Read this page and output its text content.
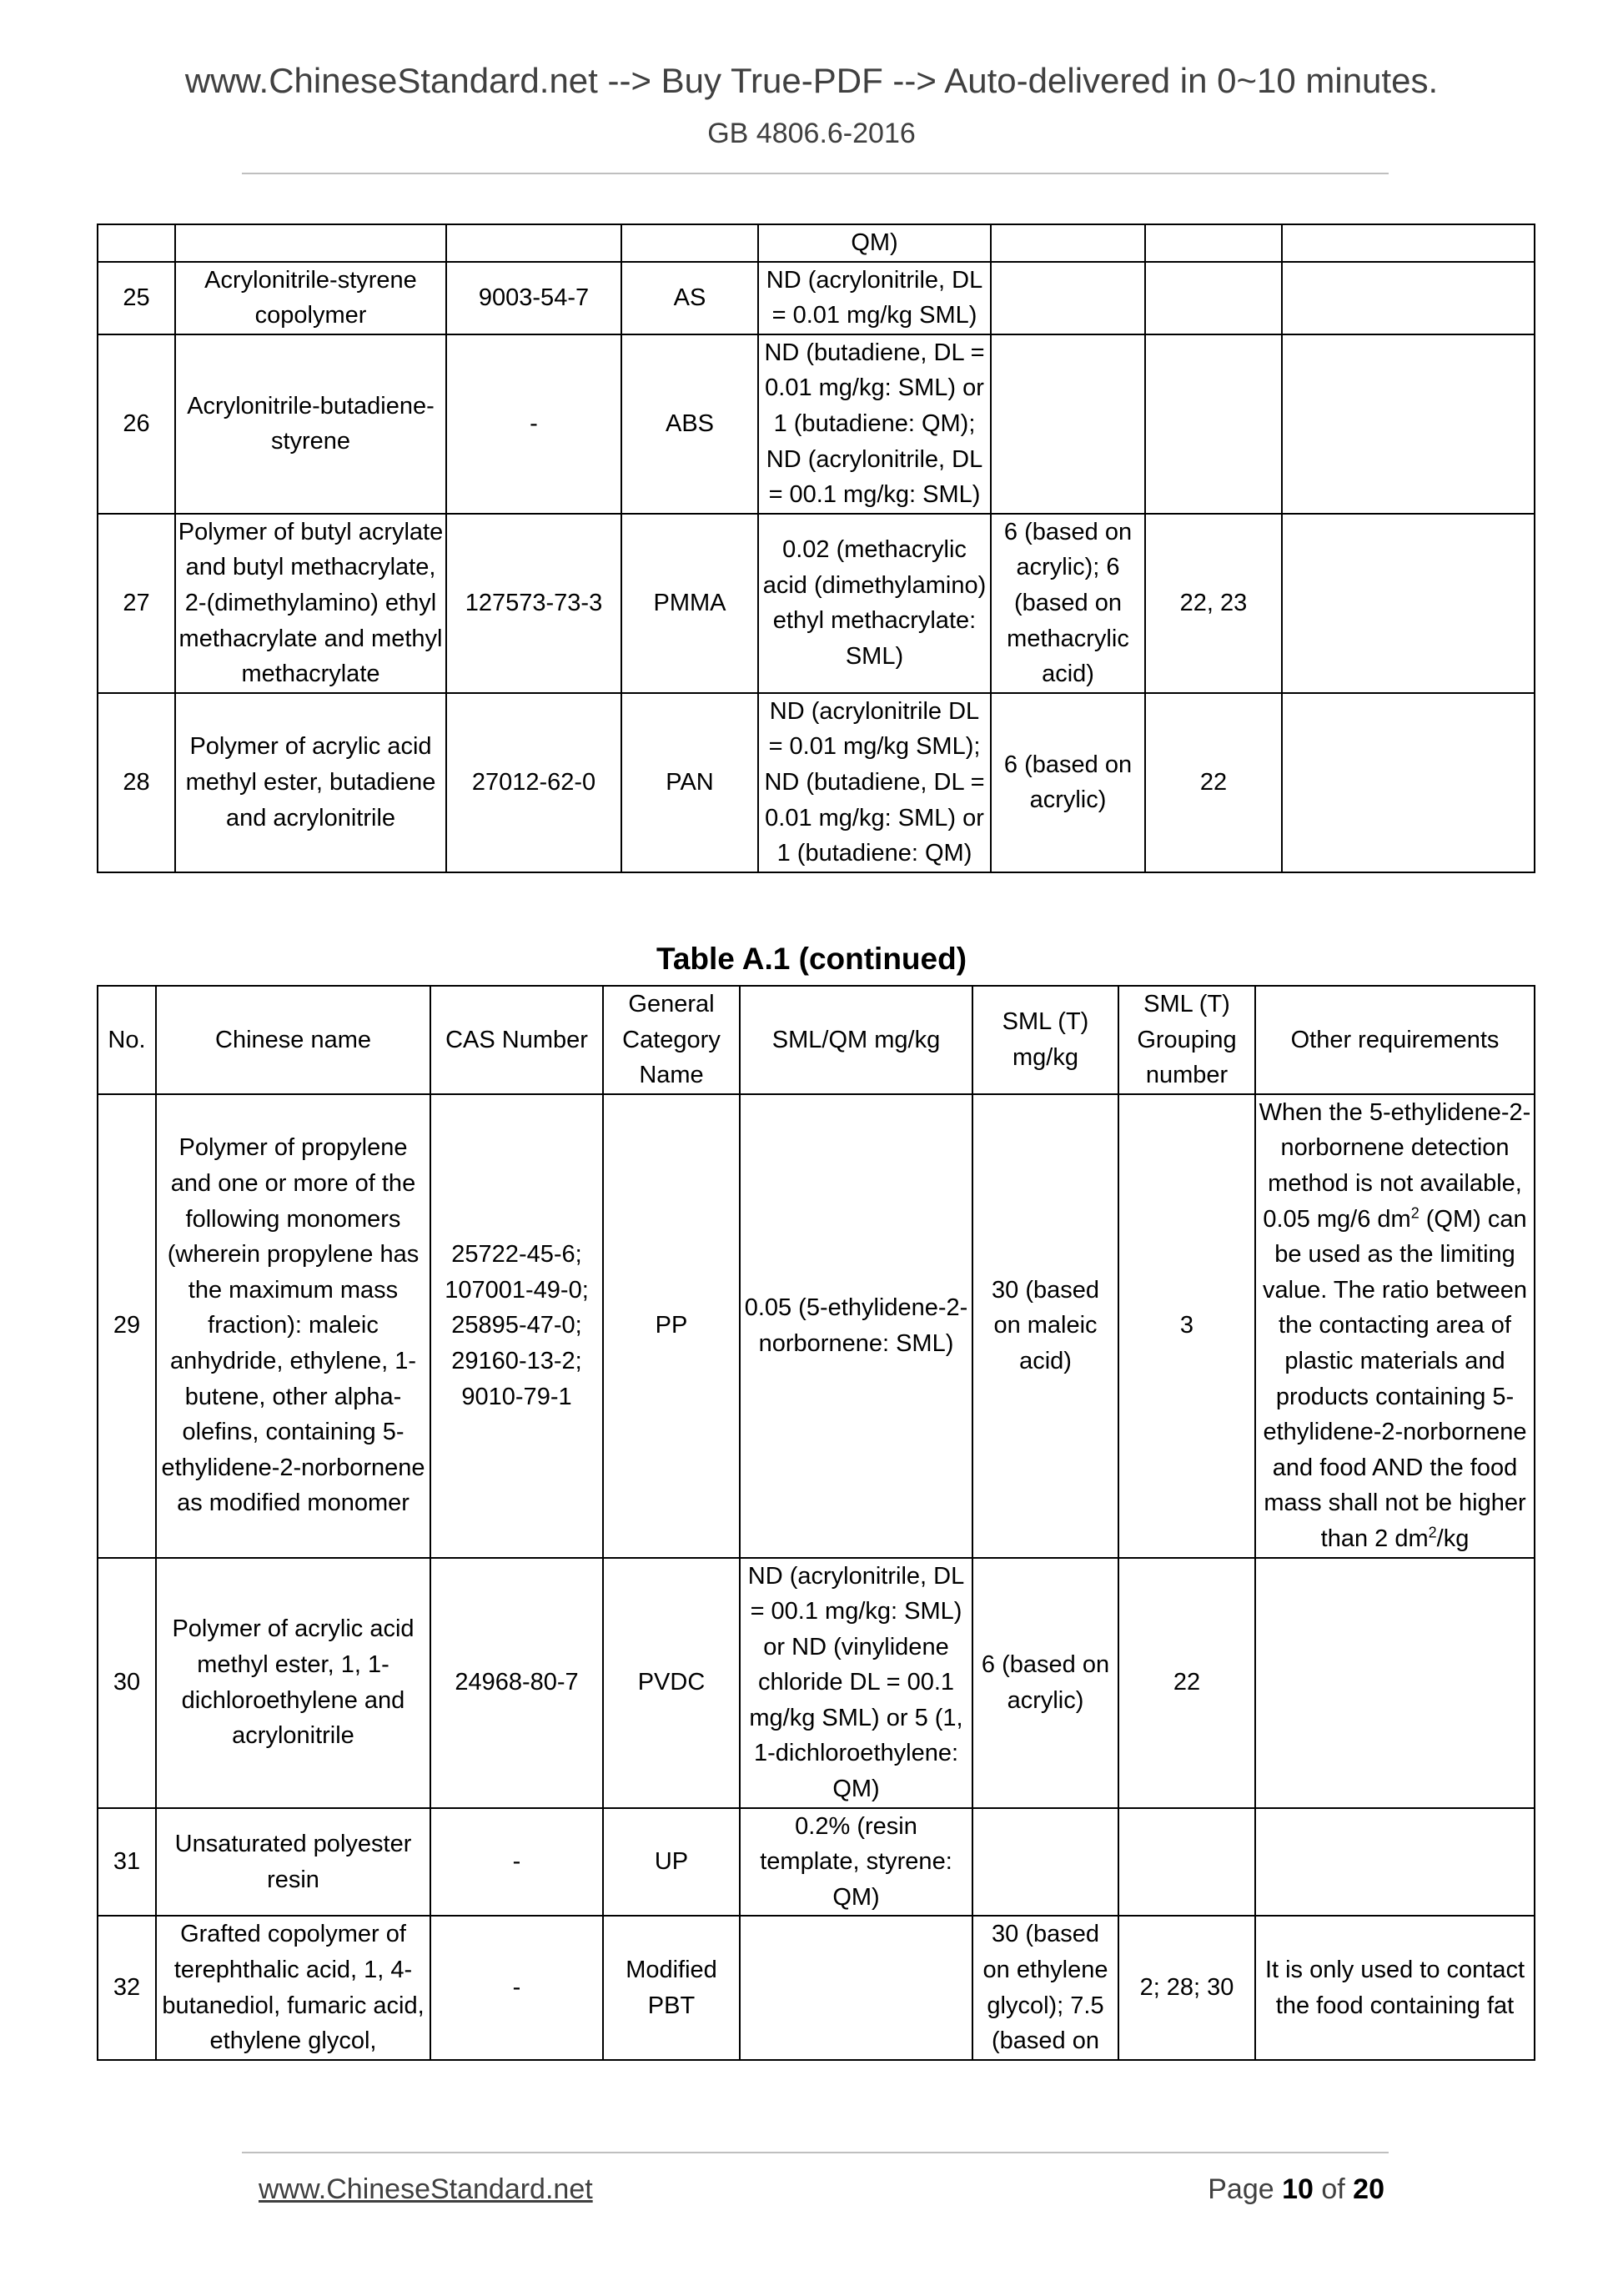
www.ChineseStandard.net --> Buy True-PDF --> Auto-delivered in 0~10 minutes.
GB 4806.6-2016
				QM)			
25	Acrylonitrile-styrene copolymer	9003-54-7	AS	ND (acrylonitrile, DL = 0.01 mg/kg SML)			
26	Acrylonitrile-butadiene-styrene	-	ABS	ND (butadiene, DL = 0.01 mg/kg: SML) or 1 (butadiene: QM); ND (acrylonitrile, DL = 00.1 mg/kg: SML)			
27	Polymer of butyl acrylate and butyl methacrylate, 2-(dimethylamino) ethyl methacrylate and methyl methacrylate	127573-73-3	PMMA	0.02 (methacrylic acid (dimethylamino) ethyl methacrylate: SML)	6 (based on acrylic); 6 (based on methacrylic acid)	22, 23	
28	Polymer of acrylic acid methyl ester, butadiene and acrylonitrile	27012-62-0	PAN	ND (acrylonitrile DL = 0.01 mg/kg SML); ND (butadiene, DL = 0.01 mg/kg: SML) or 1 (butadiene: QM)	6 (based on acrylic)	22	
Table A.1 (continued)
No.	Chinese name	CAS Number	General Category Name	SML/QM mg/kg	SML (T) mg/kg	SML (T) Grouping number	Other requirements
29	Polymer of propylene and one or more of the following monomers (wherein propylene has the maximum mass fraction): maleic anhydride, ethylene, 1-butene, other alpha-olefins, containing 5-ethylidene-2-norbornene as modified monomer	25722-45-6; 107001-49-0; 25895-47-0; 29160-13-2; 9010-79-1	PP	0.05 (5-ethylidene-2-norbornene: SML)	30 (based on maleic acid)	3	When the 5-ethylidene-2- norbornene detection method is not available, 0.05 mg/6 $dm^2$ (QM) can be used as the limiting value. The ratio between the contacting area of plastic materials and products containing 5-ethylidene-2-norbornene and food AND the food mass shall not be higher than 2 $dm^2/kg$
30	Polymer of acrylic acid methyl ester, 1, 1-dichloroethylene and acrylonitrile	24968-80-7	PVDC	ND (acrylonitrile, DL = 00.1 mg/kg: SML) or ND (vinylidene chloride DL = 00.1 mg/kg SML) or 5 (1, 1-dichloroethylene: QM)	6 (based on acrylic)	22	
31	Unsaturated polyester resin	-	UP	0.2% (resin template, styrene: QM)			
32	Grafted copolymer of terephthalic acid, 1, 4-butanediol, fumaric acid, ethylene glycol,	-	Modified PBT		30 (based on ethylene glycol); 7.5 (based on	2; 28; 30	It is only used to contact the food containing fat
www.ChineseStandard.net	Page 10 of 20
